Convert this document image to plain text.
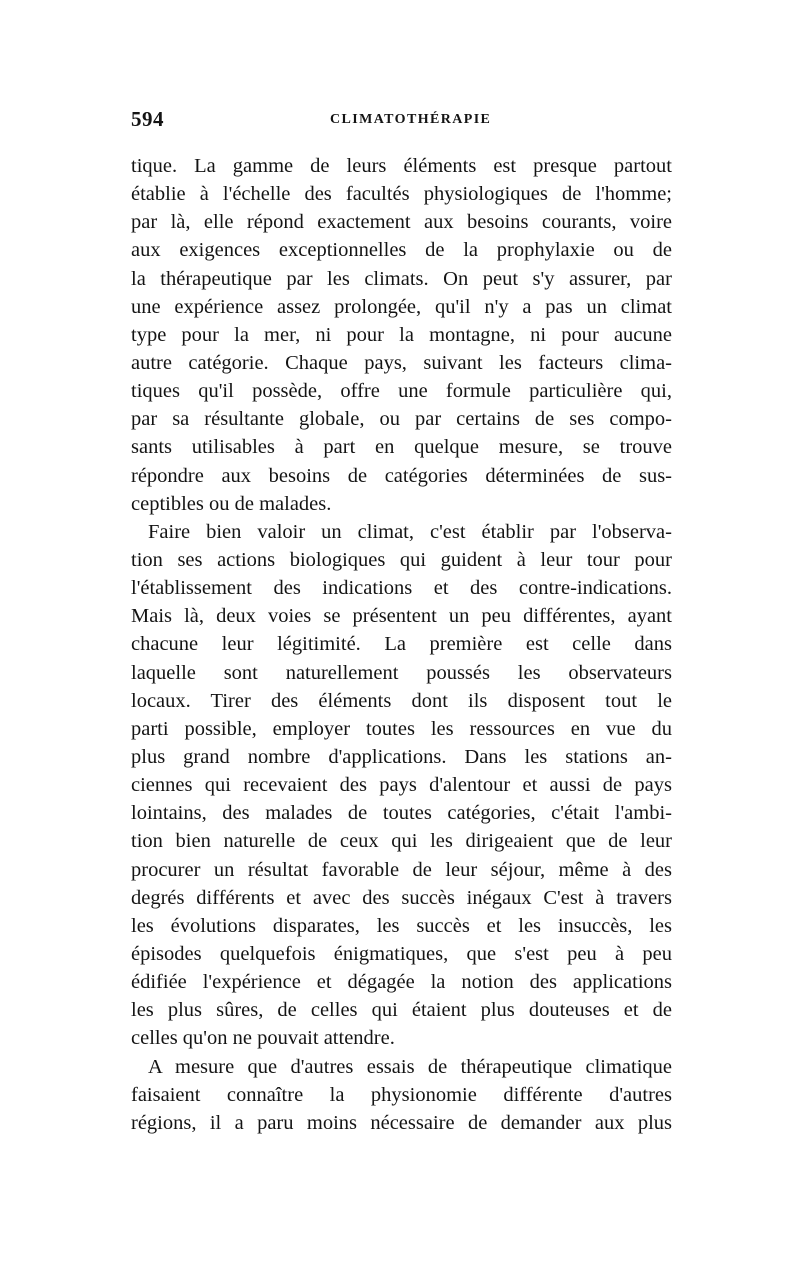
594	CLIMATOTHÉRAPIE
tique. La gamme de leurs éléments est presque partout
établie à l'échelle des facultés physiologiques de l'homme;
par là, elle répond exactement aux besoins courants, voire
aux exigences exceptionnelles de la prophylaxie ou de
la thérapeutique par les climats. On peut s'y assurer, par
une expérience assez prolongée, qu'il n'y a pas un climat
type pour la mer, ni pour la montagne, ni pour aucune
autre catégorie. Chaque pays, suivant les facteurs clima-
tiques qu'il possède, offre une formule particulière qui,
par sa résultante globale, ou par certains de ses compo-
sants utilisables à part en quelque mesure, se trouve
répondre aux besoins de catégories déterminées de sus-
ceptibles ou de malades.
Faire bien valoir un climat, c'est établir par l'observa-
tion ses actions biologiques qui guident à leur tour pour
l'établissement des indications et des contre-indications.
Mais là, deux voies se présentent un peu différentes, ayant
chacune leur légitimité. La première est celle dans
laquelle sont naturellement poussés les observateurs
locaux. Tirer des éléments dont ils disposent tout le
parti possible, employer toutes les ressources en vue du
plus grand nombre d'applications. Dans les stations an-
ciennes qui recevaient des pays d'alentour et aussi de pays
lointains, des malades de toutes catégories, c'était l'ambi-
tion bien naturelle de ceux qui les dirigeaient que de leur
procurer un résultat favorable de leur séjour, même à des
degrés différents et avec des succès inégaux C'est à travers
les évolutions disparates, les succès et les insuccès, les
épisodes quelquefois énigmatiques, que s'est peu à peu
édifiée l'expérience et dégagée la notion des applications
les plus sûres, de celles qui étaient plus douteuses et de
celles qu'on ne pouvait attendre.
A mesure que d'autres essais de thérapeutique climatique
faisaient connaître la physionomie différente d'autres
régions, il a paru moins nécessaire de demander aux plus
